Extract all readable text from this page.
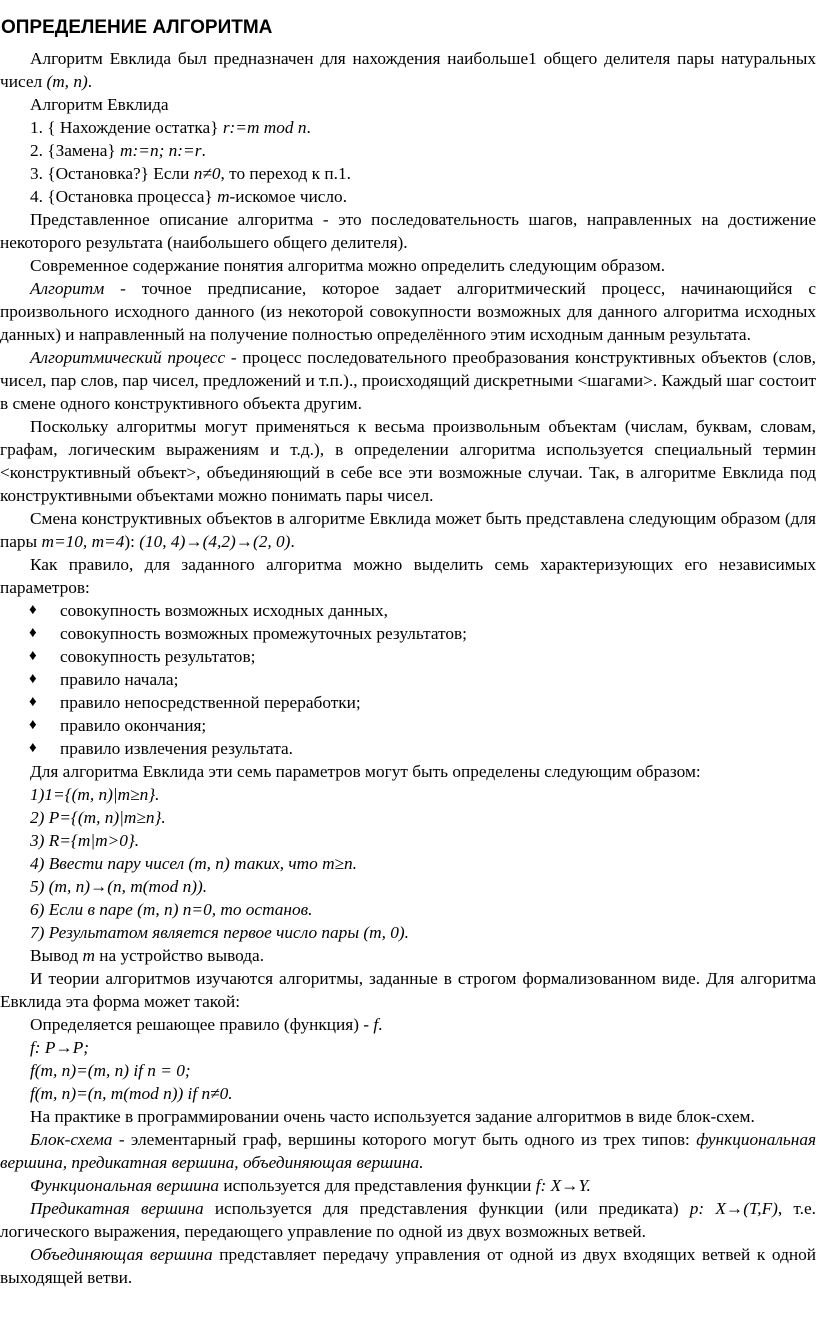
ОПРЕДЕЛЕНИЕ АЛГОРИТМА

Алгоритм Евклида был предназначен для нахождения наибольше1 общего делителя пары натуральных чисел (m, n).

Алгоритм Евклида

1. { Нахождение остатка} r:=m mod n.

2. {Замена} m:=n; n:=r.

3. {Остановка?} Если n≠0, то переход к п.1.

4. {Остановка процесса} m-искомое число.

Представленное описание алгоритма - это последовательность шагов, направленных на достижение некоторого результата (наибольшего общего делителя).

Современное содержание понятия алгоритма можно определить следующим образом.

Алгоритм - точное предписание, которое задает алгоритмический процесс, начинающийся с произвольного исходного данного (из некоторой совокупности возможных для данного алгоритма исходных данных) и направленный на получение полностью определённого этим исходным данным результата.

Алгоритмический процесс - процесс последовательного преобразования конструктивных объектов (слов, чисел, пар слов, пар чисел, предложений и т.п.)., происходящий дискретными <шагами>. Каждый шаг состоит в смене одного конструктивного объекта другим.

Поскольку алгоритмы могут применяться к весьма произвольным объектам (числам, буквам, словам, графам, логическим выражениям и т.д.), в определении алгоритма используется специальный термин <конструктивный объект>, объединяющий в себе все эти возможные случаи. Так, в алгоритме Евклида под конструктивными объектами можно понимать пары чисел.

Смена конструктивных объектов в алгоритме Евклида может быть представлена следующим образом (для пары m=10, m=4): (10, 4)→(4,2)→(2, 0).

Как правило, для заданного алгоритма можно выделить семь характеризующих его независимых параметров:

♦ совокупность возможных исходных данных,
♦ совокупность возможных промежуточных результатов;
♦ совокупность результатов;
♦ правило начала;
♦ правило непосредственной переработки;
♦ правило окончания;
♦ правило извлечения результата.

Для алгоритма Евклида эти семь параметров могут быть определены следующим образом:

1)1={(m, n)|m≥n}.

2) P={(m, n)|m≥n}.

3) R={m|m>0}.

4) Ввести пару чисел (m, n) таких, что m≥n.

5) (m, n)→(n, m(mod n)).

6) Если в паре (m, n) n=0, то останов.

7) Результатом является первое число пары (m, 0).

Вывод m на устройство вывода.

И теории алгоритмов изучаются алгоритмы, заданные в строгом формализованном виде. Для алгоритма Евклида эта форма может такой:

Определяется решающее правило (функция) - f.

f: P→P;

f(m, n)=(m, n) if n = 0;

f(m, n)=(n, m(mod n)) if n≠0.

На практике в программировании очень часто используется задание алгоритмов в виде блок-схем.

Блок-схема - элементарный граф, вершины которого могут быть одного из трех типов: функциональная вершина, предикатная вершина, объединяющая вершина.

Функциональная вершина используется для представления функции f: X→Y.

Предикатная вершина используется для представления функции (или предиката) p: X→(T,F), т.е. логического выражения, передающего управление по одной из двух возможных ветвей.

Объединяющая вершина представляет передачу управления от одной из двух входящих ветвей к одной выходящей ветви.
